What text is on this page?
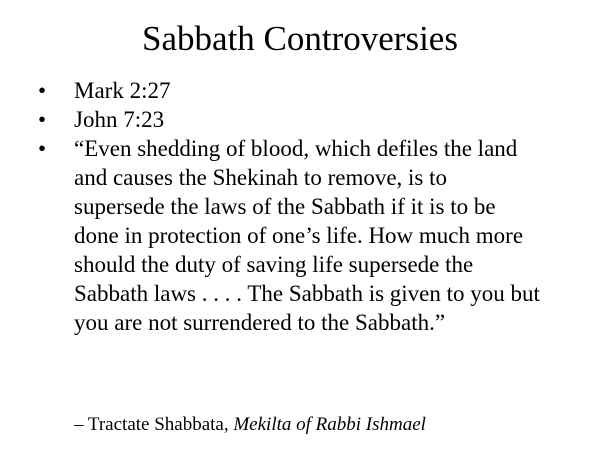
Sabbath Controversies
• Mark 2:27
• John 7:23
• “Even shedding of blood, which defiles the land and causes the Shekinah to remove, is to supersede the laws of the Sabbath if it is to be done in protection of one’s life. How much more should the duty of saving life supersede the Sabbath laws . . . . The Sabbath is given to you but you are not surrendered to the Sabbath.”
– Tractate Shabbata, Mekilta of Rabbi Ishmael
